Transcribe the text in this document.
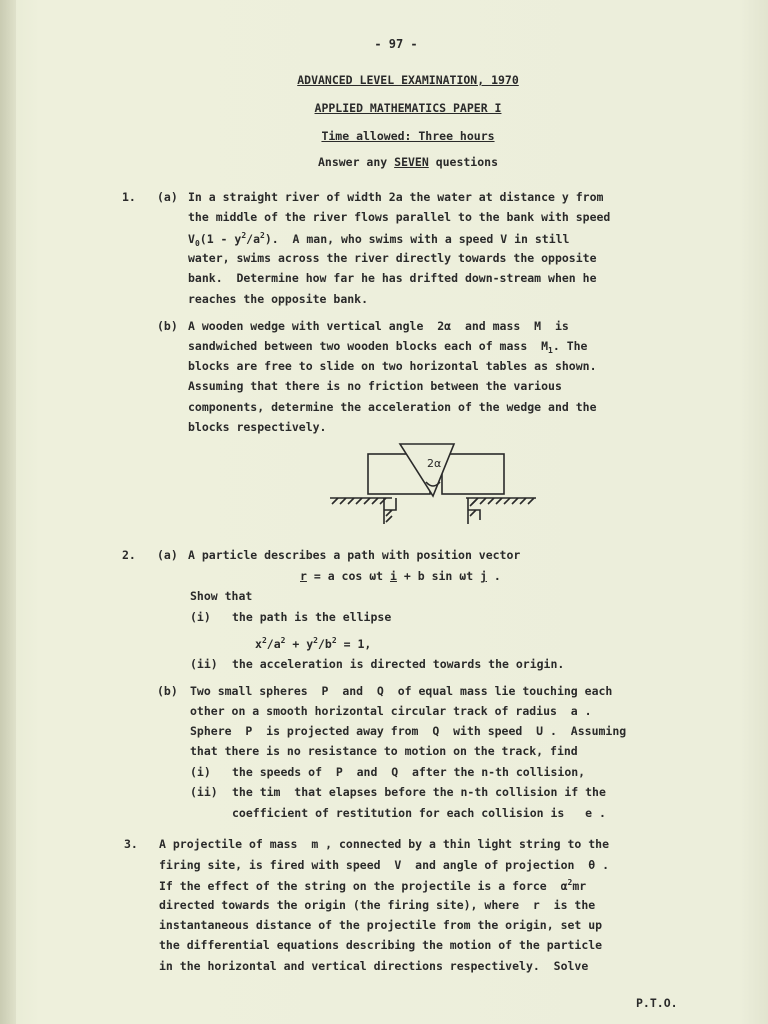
- 97 -
ADVANCED LEVEL EXAMINATION, 1970
APPLIED MATHEMATICS PAPER I
Time allowed: Three hours
Answer any SEVEN questions
1. (a) In a straight river of width 2a the water at distance y from
the middle of the river flows parallel to the bank with speed
$V_0(1 - y^2/a^2)$.  A man, who swims with a speed V in still
water, swims across the river directly towards the opposite
bank.  Determine how far he has drifted down-stream when he
reaches the opposite bank.
(b) A wooden wedge with vertical angle  2α  and mass  M  is
sandwiched between two wooden blocks each of mass  $M_1$. The
blocks are free to slide on two horizontal tables as shown.
Assuming that there is no friction between the various
components, determine the acceleration of the wedge and the
blocks respectively.
2α
2. (a) A particle describes a path with position vector
r = a cos ωt i + b sin ωt j .
Show that
(i) the path is the ellipse
$x^2/a^2 + y^2/b^2 = 1$,
(ii) the acceleration is directed towards the origin.
(b) Two small spheres  P  and  Q  of equal mass lie touching each
other on a smooth horizontal circular track of radius  a .
Sphere  P  is projected away from  Q  with speed  U .  Assuming
that there is no resistance to motion on the track, find
(i) the speeds of  P  and  Q  after the n-th collision,
(ii) the tim  that elapses before the n-th collision if the
coefficient of restitution for each collision is   e .
3. A projectile of mass  m , connected by a thin light string to the
firing site, is fired with speed  V  and angle of projection  θ .
If the effect of the string on the projectile is a force  $\alpha^2mr$
directed towards the origin (the firing site), where  r  is the
instantaneous distance of the projectile from the origin, set up
the differential equations describing the motion of the particle
in the horizontal and vertical directions respectively.  Solve
P.T.O.
